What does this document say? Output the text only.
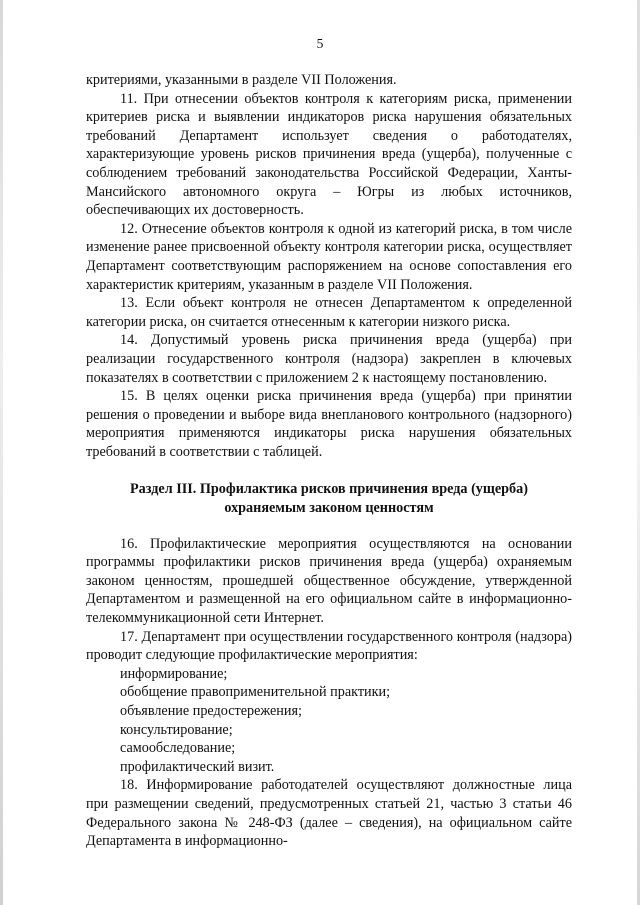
5

критериями, указанными в разделе VII Положения.

11. При отнесении объектов контроля к категориям риска, применении критериев риска и выявлении индикаторов риска нарушения обязательных требований Департамент использует сведения о работодателях, характеризующие уровень рисков причинения вреда (ущерба), полученные с соблюдением требований законодательства Российской Федерации, Ханты-Мансийского автономного округа – Югры из любых источников, обеспечивающих их достоверность.

12. Отнесение объектов контроля к одной из категорий риска, в том числе изменение ранее присвоенной объекту контроля категории риска, осуществляет Департамент соответствующим распоряжением на основе сопоставления его характеристик критериям, указанным в разделе VII Положения.

13. Если объект контроля не отнесен Департаментом к определенной категории риска, он считается отнесенным к категории низкого риска.

14. Допустимый уровень риска причинения вреда (ущерба) при реализации государственного контроля (надзора) закреплен в ключевых показателях в соответствии с приложением 2 к настоящему постановлению.

15. В целях оценки риска причинения вреда (ущерба) при принятии решения о проведении и выборе вида внепланового контрольного (надзорного) мероприятия применяются индикаторы риска нарушения обязательных требований в соответствии с таблицей.

Раздел III. Профилактика рисков причинения вреда (ущерба)
охраняемым законом ценностям

16. Профилактические мероприятия осуществляются на основании программы профилактики рисков причинения вреда (ущерба) охраняемым законом ценностям, прошедшей общественное обсуждение, утвержденной Департаментом и размещенной на его официальном сайте в информационно-телекоммуникационной сети Интернет.

17. Департамент при осуществлении государственного контроля (надзора) проводит следующие профилактические мероприятия:

информирование;

обобщение правоприменительной практики;

объявление предостережения;

консультирование;

самообследование;

профилактический визит.

18. Информирование работодателей осуществляют должностные лица при размещении сведений, предусмотренных статьей 21, частью 3 статьи 46 Федерального закона № 248-ФЗ (далее – сведения), на официальном сайте Департамента в информационно-
